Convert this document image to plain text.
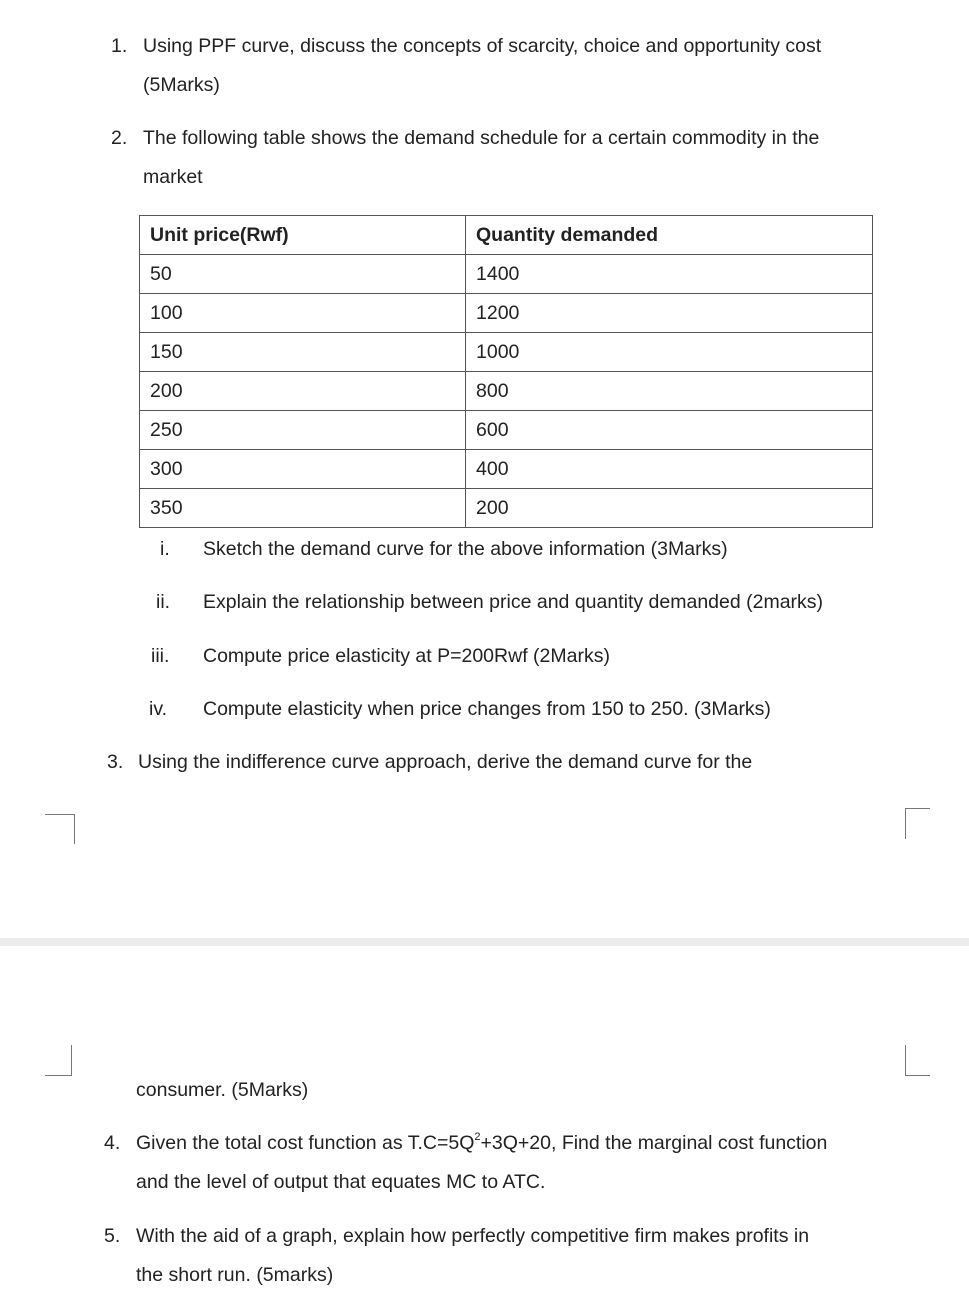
1. Using PPF curve, discuss the concepts of scarcity, choice and opportunity cost
(5Marks)
2. The following table shows the demand schedule for a certain commodity in the
market
Unit price(Rwf)	Quantity demanded
50	1400
100	1200
150	1000
200	800
250	600
300	400
350	200
i. Sketch the demand curve for the above information (3Marks)
ii. Explain the relationship between price and quantity demanded (2marks)
iii. Compute price elasticity at P=200Rwf (2Marks)
iv. Compute elasticity when price changes from 150 to 250. (3Marks)
3. Using the indifference curve approach, derive the demand curve for the
consumer. (5Marks)
4. Given the total cost function as $T.C=5Q^2+3Q+20$, Find the marginal cost function
and the level of output that equates MC to ATC.
5. With the aid of a graph, explain how perfectly competitive firm makes profits in
the short run. (5marks)
